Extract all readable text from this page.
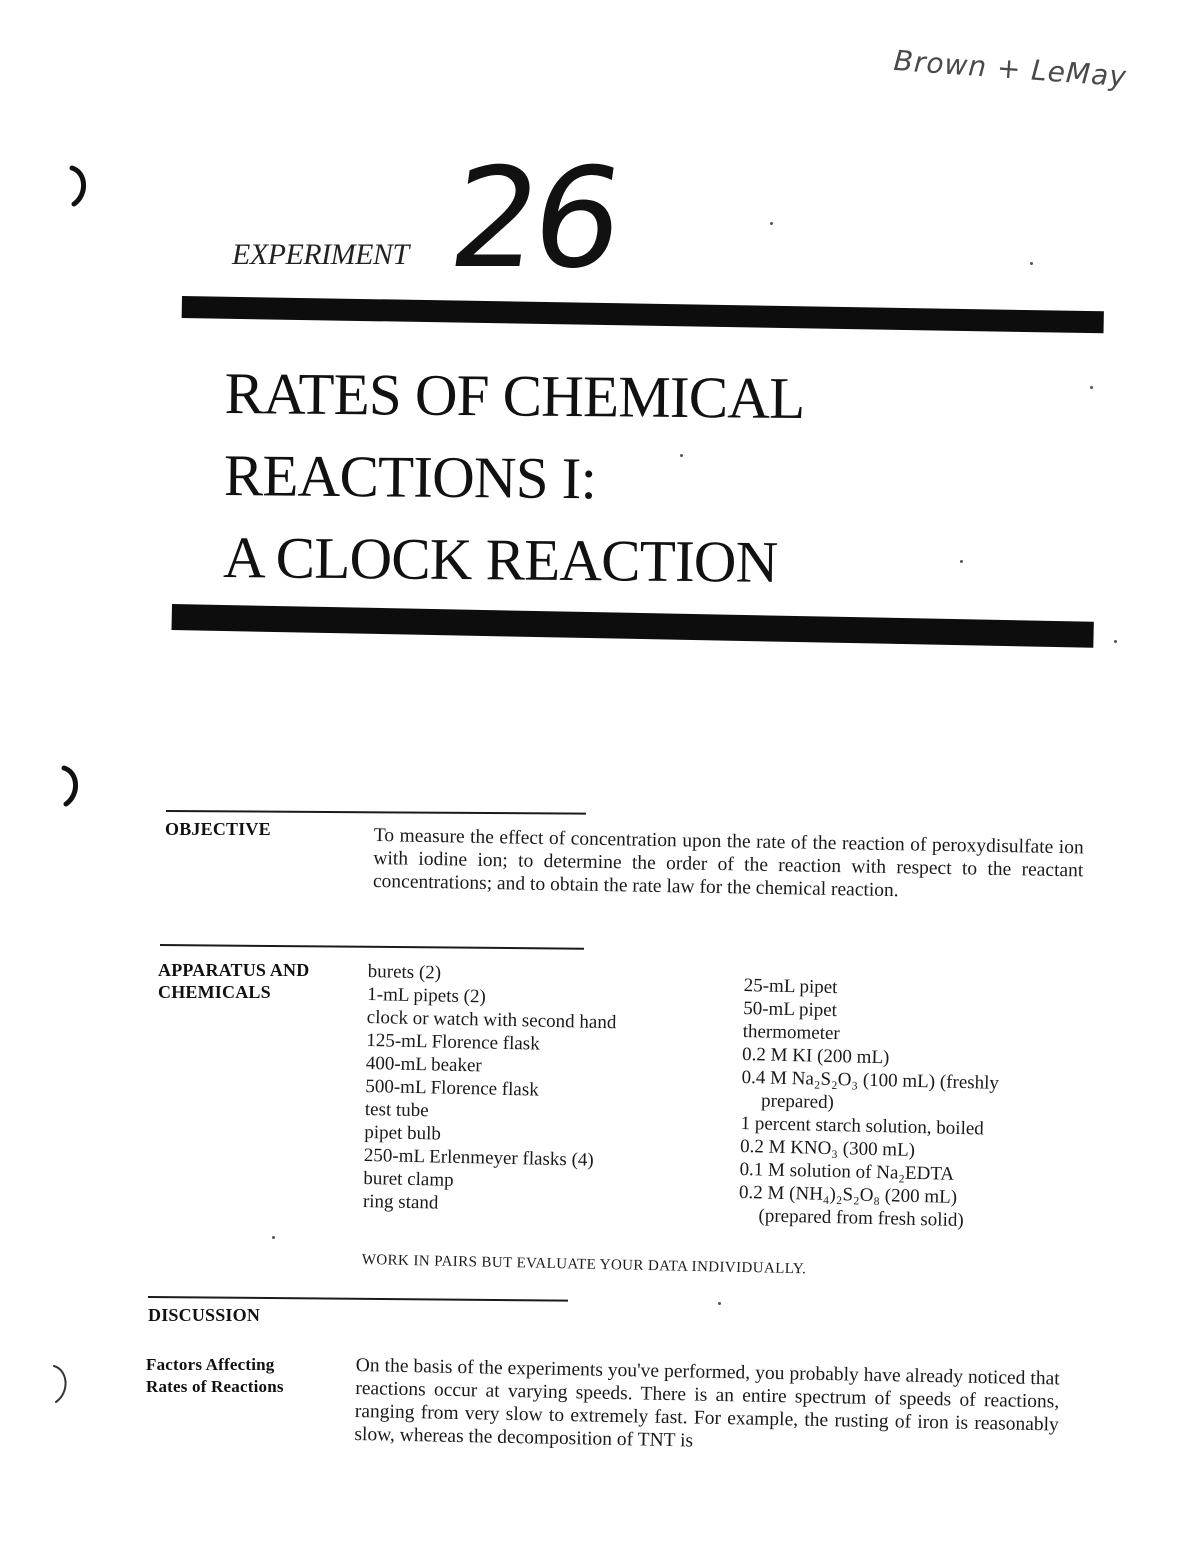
Brown + LeMay
EXPERIMENT 26
RATES OF CHEMICAL
REACTIONS I:
A CLOCK REACTION
OBJECTIVE	To measure the effect of concentration upon the rate of the reaction of peroxydisulfate ion with iodine ion; to determine the order of the reaction with respect to the reactant concentrations; and to obtain the rate law for the chemical reaction.
APPARATUS AND
CHEMICALS
burets (2)
1-mL pipets (2)
clock or watch with second hand
125-mL Florence flask
400-mL beaker
500-mL Florence flask
test tube
pipet bulb
250-mL Erlenmeyer flasks (4)
buret clamp
ring stand
25-mL pipet
50-mL pipet
thermometer
0.2 M KI (200 mL)
0.4 M Na₂S₂O₃ (100 mL) (freshly
prepared)
1 percent starch solution, boiled
0.2 M KNO₃ (300 mL)
0.1 M solution of Na₂EDTA
0.2 M (NH₄)₂S₂O₈ (200 mL)
(prepared from fresh solid)
WORK IN PAIRS BUT EVALUATE YOUR DATA INDIVIDUALLY.
DISCUSSION
Factors Affecting
Rates of Reactions	On the basis of the experiments you've performed, you probably have already noticed that reactions occur at varying speeds. There is an entire spectrum of speeds of reactions, ranging from very slow to extremely fast. For example, the rusting of iron is reasonably slow, whereas the decomposition of TNT is
